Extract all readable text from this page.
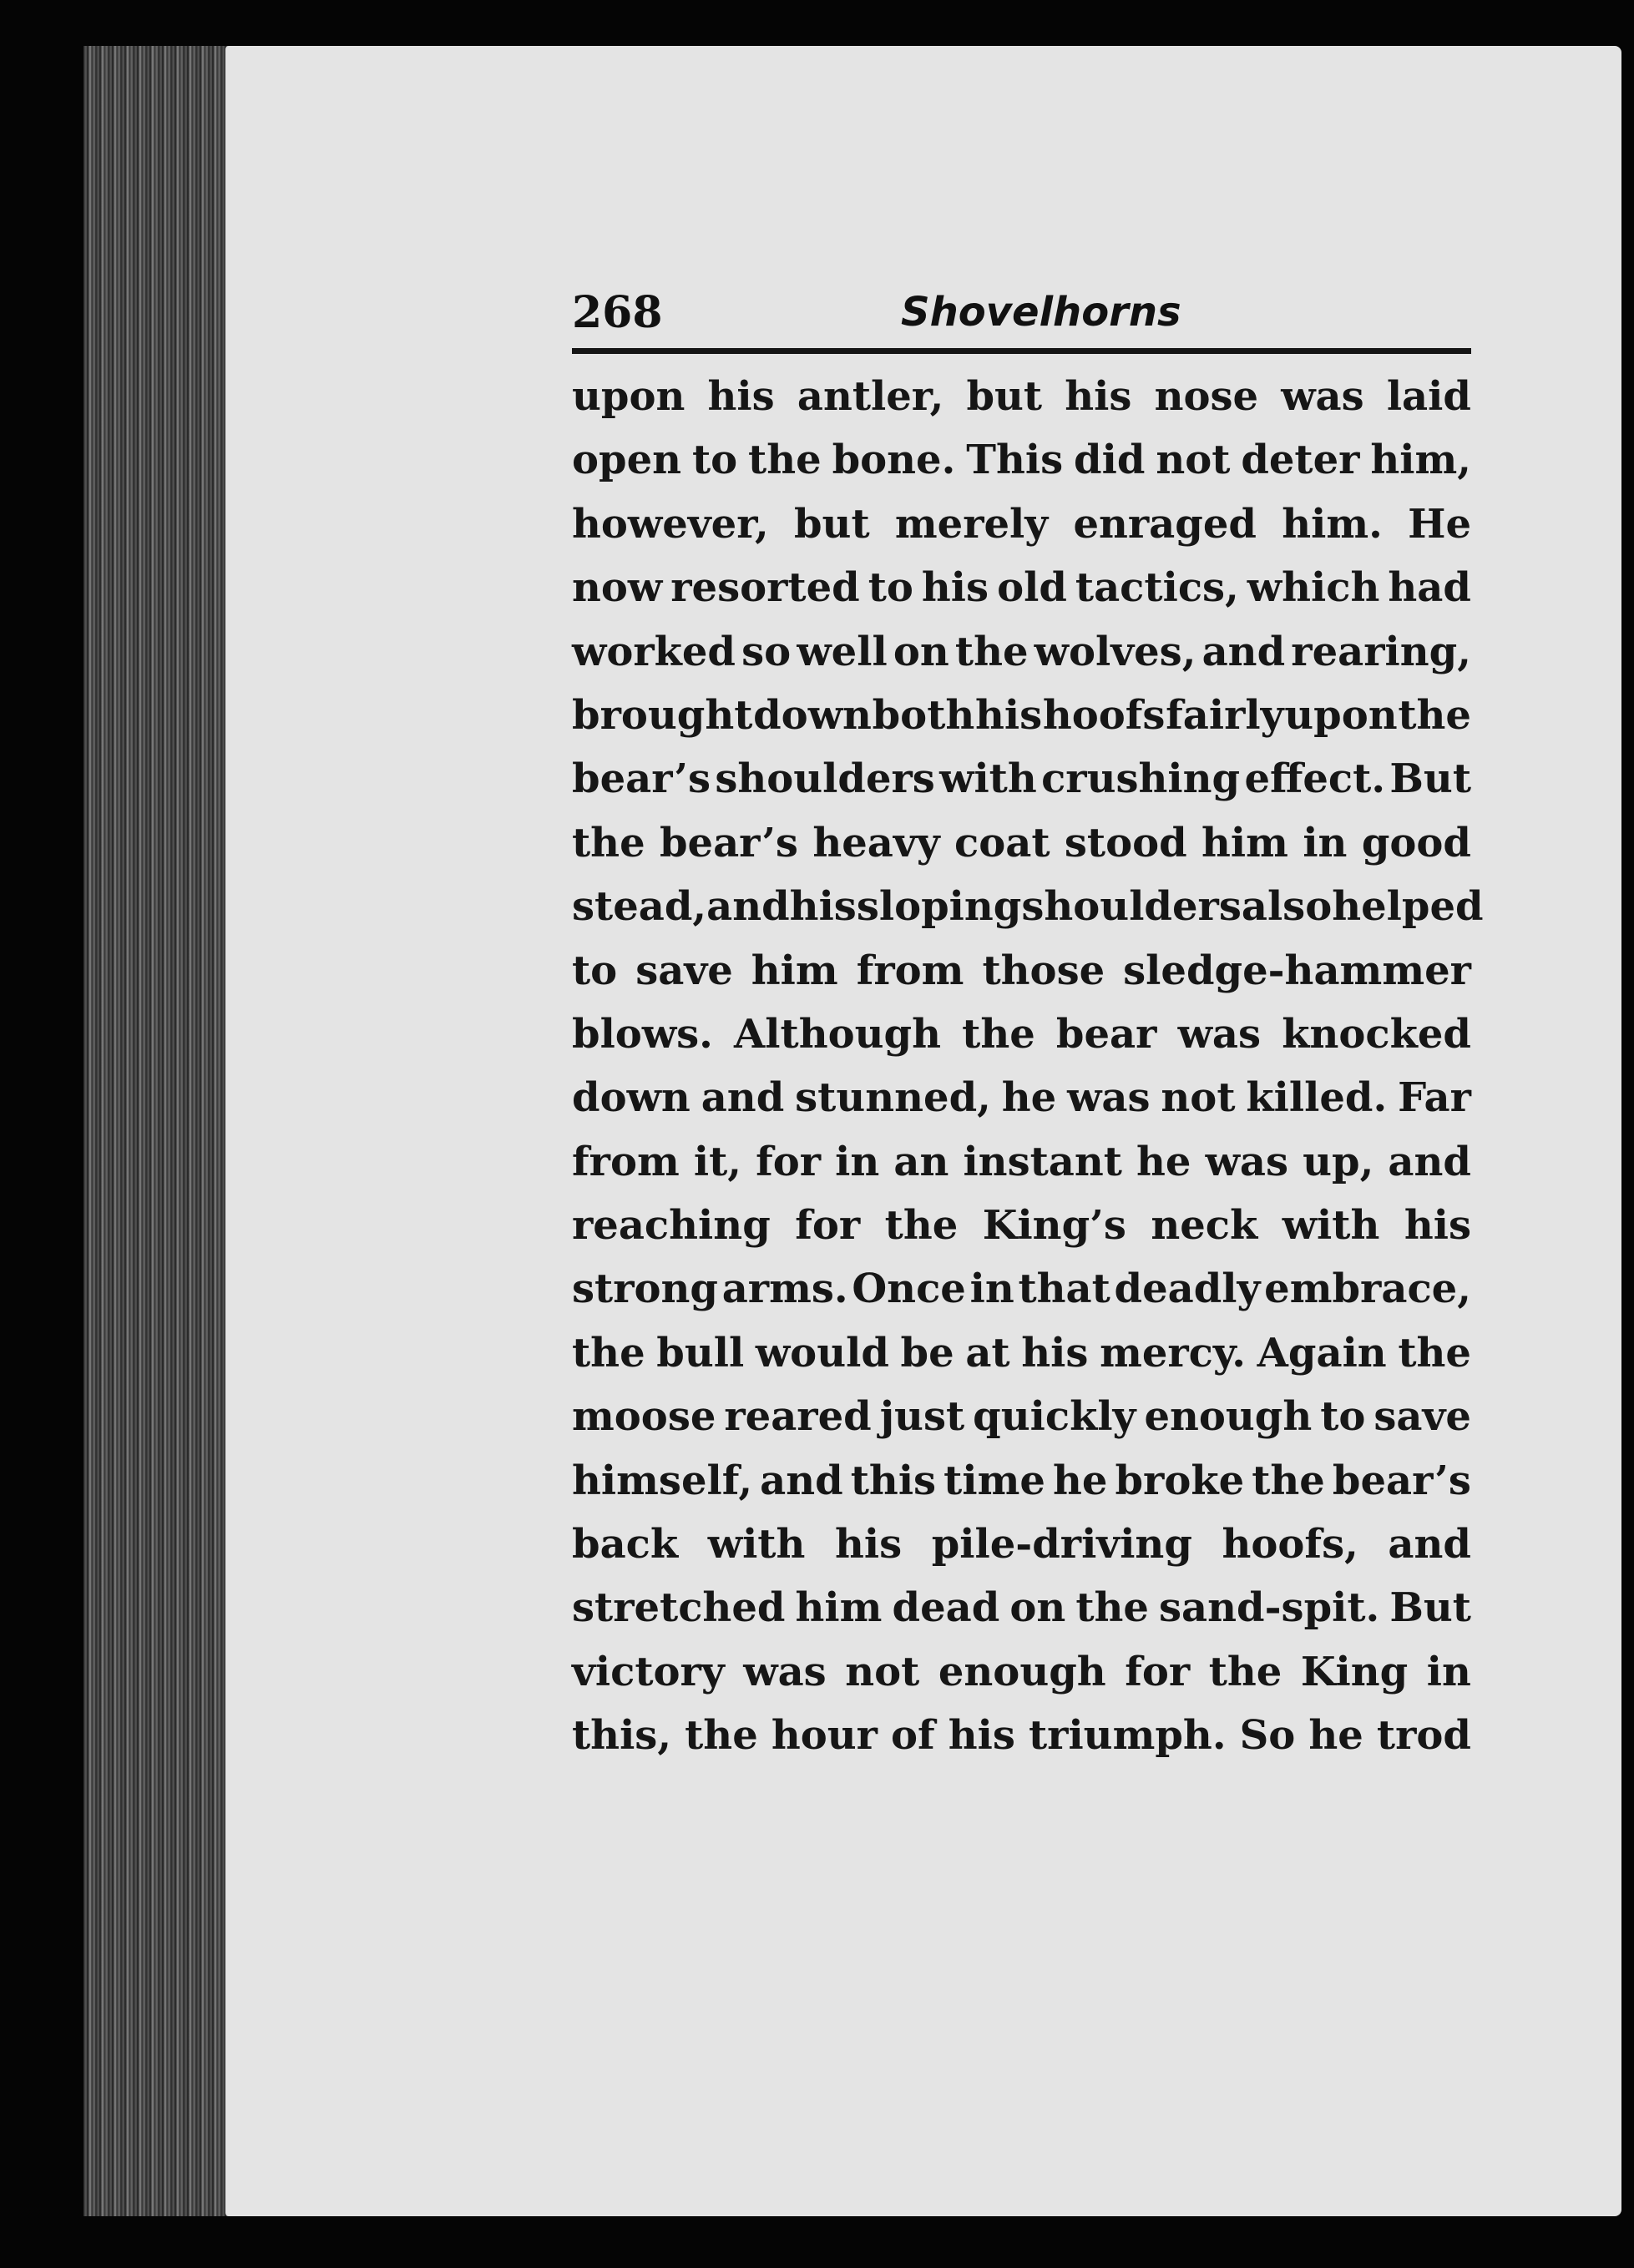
268	Shovelhorns
upon his antler, but his nose was laid
open to the bone. This did not deter him,
however, but merely enraged him. He
now resorted to his old tactics, which had
worked so well on the wolves, and rearing,
brought down both his hoofs fairly upon the
bear’s shoulders with crushing effect. But
the bear’s heavy coat stood him in good
stead, and his sloping shoulders also helped
to save him from those sledge-hammer
blows. Although the bear was knocked
down and stunned, he was not killed. Far
from it, for in an instant he was up, and
reaching for the King’s neck with his
strong arms. Once in that deadly embrace,
the bull would be at his mercy. Again the
moose reared just quickly enough to save
himself, and this time he broke the bear’s
back with his pile-driving hoofs, and
stretched him dead on the sand-spit. But
victory was not enough for the King in
this, the hour of his triumph. So he trod
